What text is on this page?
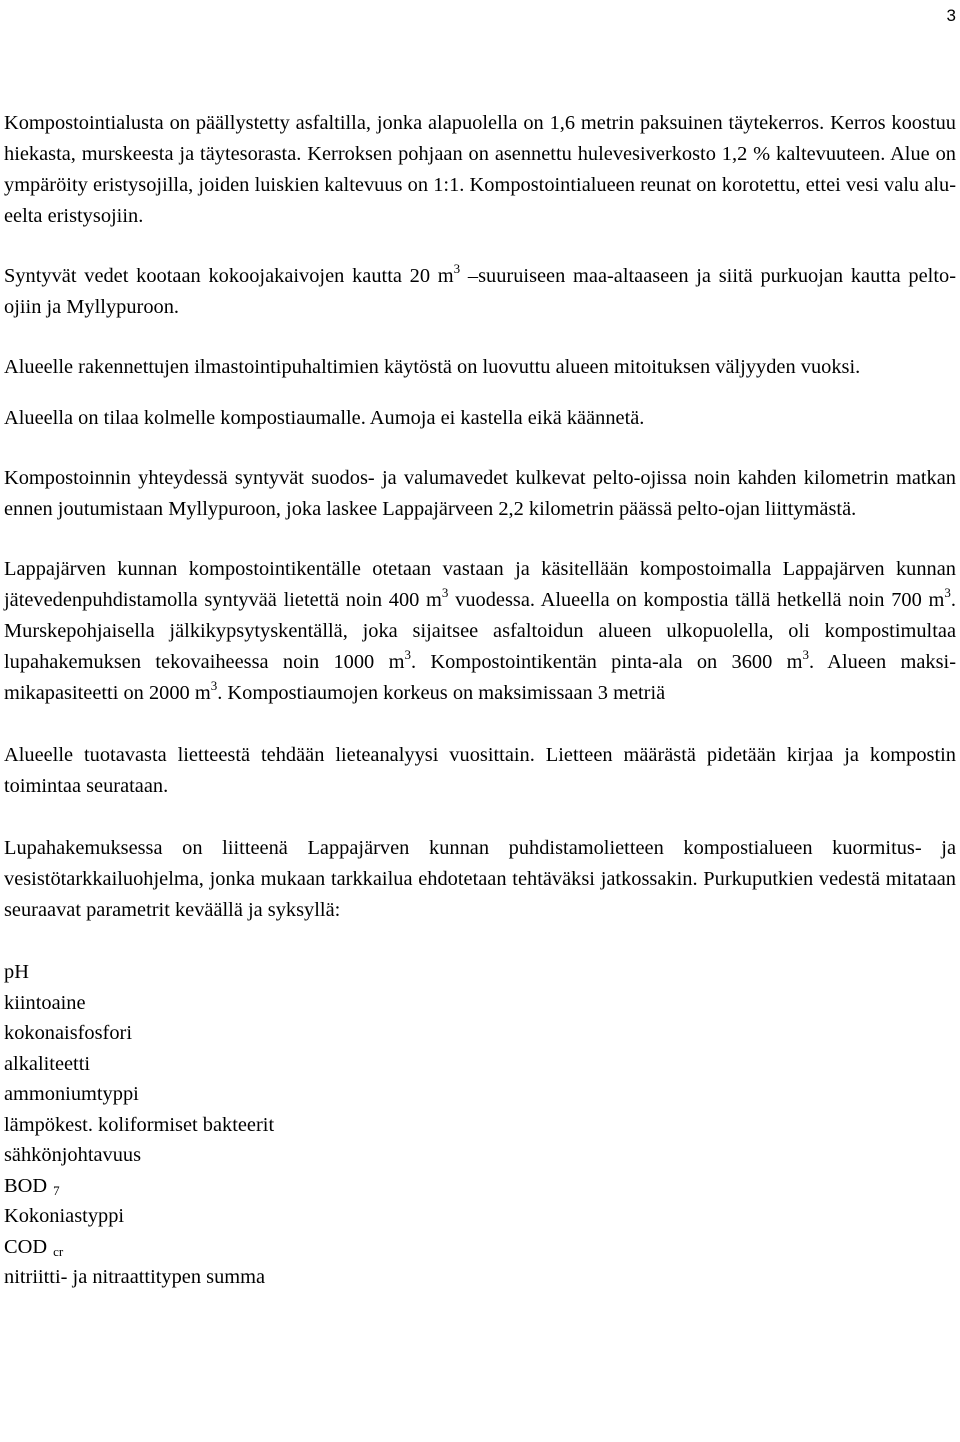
3

Kompostointialusta on päällystetty asfaltilla, jonka alapuolella on 1,6 metrin paksuinen täytekerros. Kerros koostuu hiekasta, murskeesta ja täytesorasta. Kerroksen pohjaan on asennettu hulevesiverkosto 1,2 % kaltevuuteen. Alue on ympäröity eristysojilla, joiden luiskien kaltevuus on 1:1. Kompostointialueen reunat on korotettu, ettei vesi valu alueelta eristysojiin.

Syntyvät vedet kootaan kokoojakaivojen kautta 20 $m^3$ –suuruiseen maa-altaaseen ja siitä purkuojan kautta pelto-ojiin ja Myllypuroon.

Alueelle rakennettujen ilmastointipuhaltimien käytöstä on luovuttu alueen mitoituksen väljyyden vuoksi.

Alueella on tilaa kolmelle kompostiaumalle. Aumoja ei kastella eikä käännetä.

Kompostoinnin yhteydessä syntyvät suodos- ja valumavedet kulkevat pelto-ojissa noin kahden kilometrin matkan ennen joutumistaan Myllypuroon, joka laskee Lappajärveen 2,2 kilometrin päässä pelto-ojan liittymästä.

Lappajärven kunnan kompostointikentälle otetaan vastaan ja käsitellään kompostoimalla Lappajärven kunnan jätevedenpuhdistamolla syntyvää lietettä noin 400 $m^3$ vuodessa. Alueella on kompostia tällä hetkellä noin 700 $m^3$. Murskepohjaisella jälkikypsytyskentällä, joka sijaitsee asfaltoidun alueen ulkopuolella, oli kompostimultaa lupahakemuksen tekovaiheessa noin 1000 $m^3$. Kompostointikentän pinta-ala on 3600 $m^3$. Alueen maksimikapasiteetti on 2000 $m^3$. Kompostiaumojen korkeus on maksimissaan 3 metriä

Alueelle tuotavasta lietteestä tehdään lieteanalyysi vuosittain. Lietteen määrästä pidetään kirjaa ja kompostin toimintaa seurataan.

Lupahakemuksessa on liitteenä Lappajärven kunnan puhdistamolietteen kompostialueen kuormitus- ja vesistötarkkailuohjelma, jonka mukaan tarkkailua ehdotetaan tehtäväksi jatkossakin. Purkuputkien vedestä mitataan seuraavat parametrit keväällä ja syksyllä:

pH
kiintoaine
kokonaisfosfori
alkaliteetti
ammoniumtyppi
lämpökest. koliformiset bakteerit
sähkönjohtavuus
BOD $_7$
Kokoniastyppi
COD $_{cr}$
nitriitti- ja nitraattitypen summa
